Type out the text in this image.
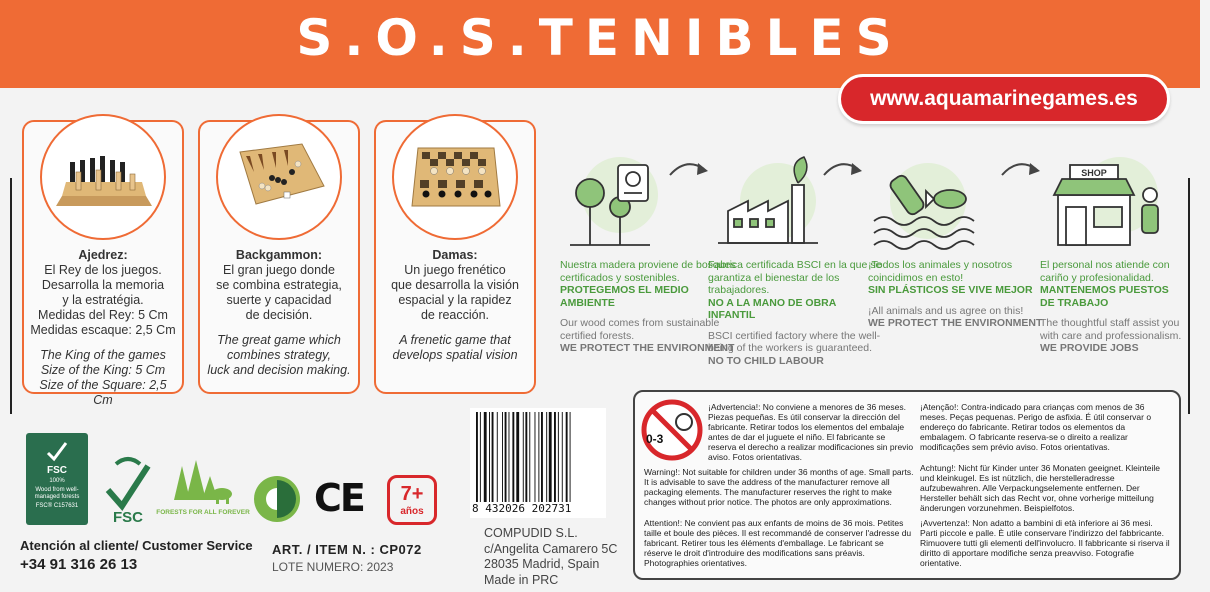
S.O.S.TENIBLES
www.aquamarinegames.es
Ajedrez:
El Rey de los juegos.
Desarrolla la memoria
y la estratégia.
Medidas del Rey: 5 Cm
Medidas escaque: 2,5 Cm
The King of the games
Size of the King: 5 Cm
Size of the Square: 2,5 Cm
Backgammon:
El gran juego donde
se combina estrategia,
suerte y capacidad
de decisión.
The great game which
combines strategy,
luck and decision making.
Damas:
Un juego frenético
que desarrolla la visión
espacial y la rapidez
de reacción.
A frenetic game that
develops spatial vision
Nuestra madera proviene de bosques certificados y sostenibles.
PROTEGEMOS EL MEDIO AMBIENTE
Our wood comes from sustainable certified forests.
WE PROTECT THE ENVIRONMENT
Fabrica certificada BSCI en la que se garantiza el bienestar de los trabajadores.
NO A LA MANO DE OBRA INFANTIL
BSCI certified factory where the well-being of the workers is guaranteed.
NO TO CHILD LABOUR
¡Todos los animales y nosotros coincidimos en esto!
SIN PLÁSTICOS SE VIVE MEJOR
¡All animals and us agree on this!
WE PROTECT THE ENVIRONMENT
SHOP
El personal nos atiende con cariño y profesionalidad.
MANTENEMOS PUESTOS DE TRABAJO
The thoughtful staff assist you with care and professionalism.
WE PROVIDE JOBS
FSC
100%
Wood from well-managed forests
FSC® C157631
FSC FORESTS FOR ALL FOREVER CE	7+
años
Atención al cliente/ Customer Service
+34 91 316 26 13
ART. / ITEM N. : CP072
LOTE NUMERO: 2023
COMPUDID S.L.
c/Angelita Camarero 5C
28035 Madrid, Spain
Made in PRC
8 432026 202731
0-3
¡Advertencia!: No conviene a menores de 36 meses. Piezas pequeñas. Es útil conservar la dirección del fabricante. Retirar todos los elementos del embalaje antes de dar el juguete el niño. El fabricante se reserva el derecho a realizar modificaciones sin previo aviso. Fotos orientativas.
Warning!: Not suitable for children under 36 months of age. Small parts. It is advisable to save the address of the manufacturer remove all packaging elements. The manufacturer reserves the right to make changes without prior notice. The photos are only approximations.
Attention!: Ne convient pas aux enfants de moins de 36 mois. Petites taille et boule des pièces. Il est recommandé de conserver l'adresse du fabricant. Retirer tous les éléments d'emballage. Le fabricant se réserve le droit d'introduire des modifications sans préavis. Photographies orientatives.
¡Atenção!: Contra-indicado para crianças com menos de 36 meses. Peças pequenas. Perigo de asfixia. É útil conservar o endereço do fabricante. Retirar todos os elementos da embalagem. O fabricante reserva-se o direito a realizar modificações sem prévio aviso. Fotos orientativas.
Achtung!: Nicht für Kinder unter 36 Monaten geeignet. Kleinteile und kleinkugel. Es ist nützlich, die herstelleradresse aufzubewahren. Alle Verpackungselemente entfernen. Der Hersteller behält sich das Recht vor, ohne vorherige mitteilung änderungen vorzunehmen. Beispielfotos.
¡Avvertenza!: Non adatto a bambini di età inferiore ai 36 mesi. Parti piccole e palle. È utile conservare l'indirizzo del fabbricante. Rimuovere tutti gli elementi dell'involucro. Il fabbricante si riserva il diritto di apportare modifiche senza preavviso. Fotografie orientative.
